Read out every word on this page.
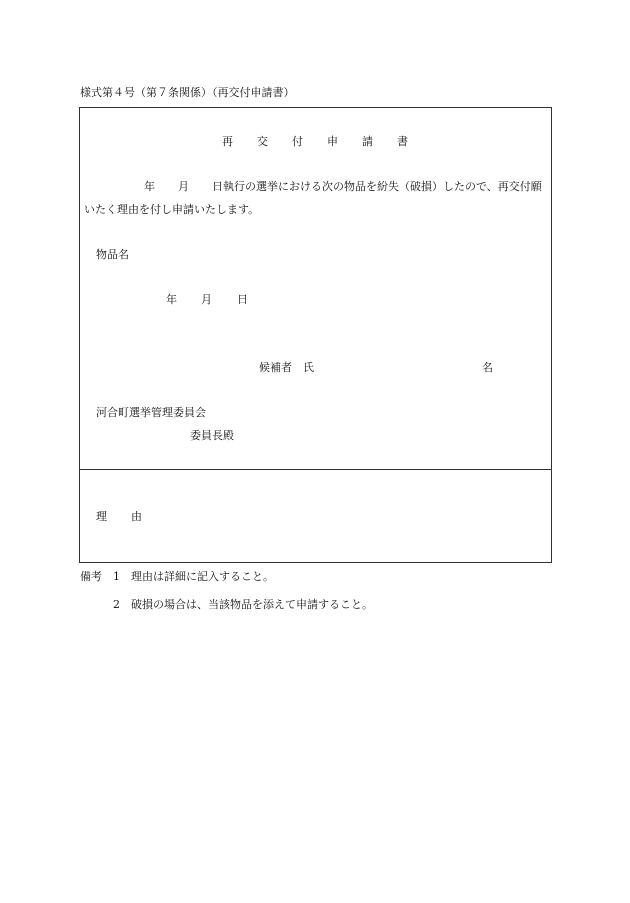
様式第４号（第７条関係）（再交付申請書）
再 交 付 申 請 書
年 月 日執行の選挙における次の物品を紛失（破損）したので、再交付願
いたく理由を付し申請いたします。
物品名
年 月 日
候補者　氏	名
河合町選挙管理委員会
委員長殿
理 由
備考 1 理由は詳細に記入すること。
2 破損の場合は、当該物品を添えて申請すること。
